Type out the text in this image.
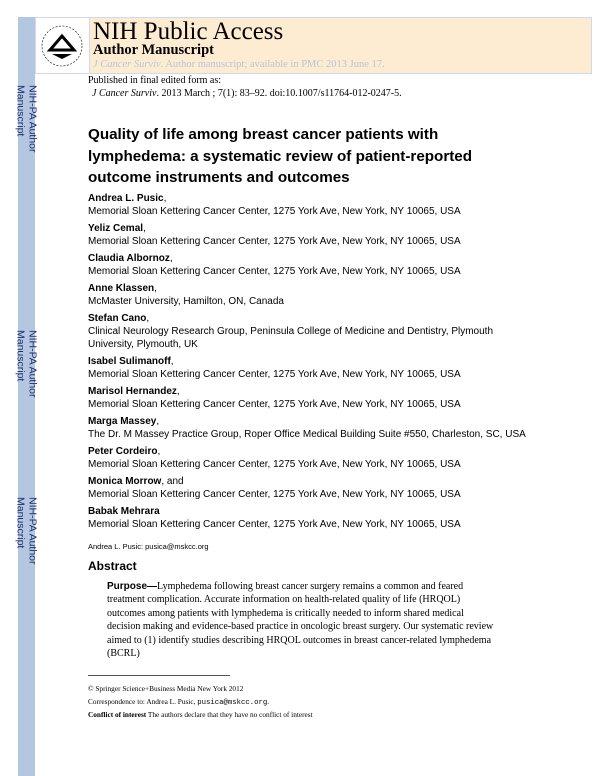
NIH-PA Author Manuscript
NIH-PA Author Manuscript
NIH-PA Author Manuscript
NIH Public Access
Author Manuscript
J Cancer Surviv. Author manuscript; available in PMC 2013 June 17.
Published in final edited form as:
J Cancer Surviv. 2013 March ; 7(1): 83–92. doi:10.1007/s11764-012-0247-5.
Quality of life among breast cancer patients with lymphedema: a systematic review of patient-reported outcome instruments and outcomes
Andrea L. Pusic,
Memorial Sloan Kettering Cancer Center, 1275 York Ave, New York, NY 10065, USA
Yeliz Cemal,
Memorial Sloan Kettering Cancer Center, 1275 York Ave, New York, NY 10065, USA
Claudia Albornoz,
Memorial Sloan Kettering Cancer Center, 1275 York Ave, New York, NY 10065, USA
Anne Klassen,
McMaster University, Hamilton, ON, Canada
Stefan Cano,
Clinical Neurology Research Group, Peninsula College of Medicine and Dentistry, Plymouth University, Plymouth, UK
Isabel Sulimanoff,
Memorial Sloan Kettering Cancer Center, 1275 York Ave, New York, NY 10065, USA
Marisol Hernandez,
Memorial Sloan Kettering Cancer Center, 1275 York Ave, New York, NY 10065, USA
Marga Massey,
The Dr. M Massey Practice Group, Roper Office Medical Building Suite #550, Charleston, SC, USA
Peter Cordeiro,
Memorial Sloan Kettering Cancer Center, 1275 York Ave, New York, NY 10065, USA
Monica Morrow, and
Memorial Sloan Kettering Cancer Center, 1275 York Ave, New York, NY 10065, USA
Babak Mehrara
Memorial Sloan Kettering Cancer Center, 1275 York Ave, New York, NY 10065, USA
Andrea L. Pusic: pusica@mskcc.org
Abstract
Purpose—Lymphedema following breast cancer surgery remains a common and feared treatment complication. Accurate information on health-related quality of life (HRQOL) outcomes among patients with lymphedema is critically needed to inform shared medical decision making and evidence-based practice in oncologic breast surgery. Our systematic review aimed to (1) identify studies describing HRQOL outcomes in breast cancer-related lymphedema (BCRL)
© Springer Science+Business Media New York 2012
Correspondence to: Andrea L. Pusic, pusica@mskcc.org.
Conflict of interest The authors declare that they have no conflict of interest
